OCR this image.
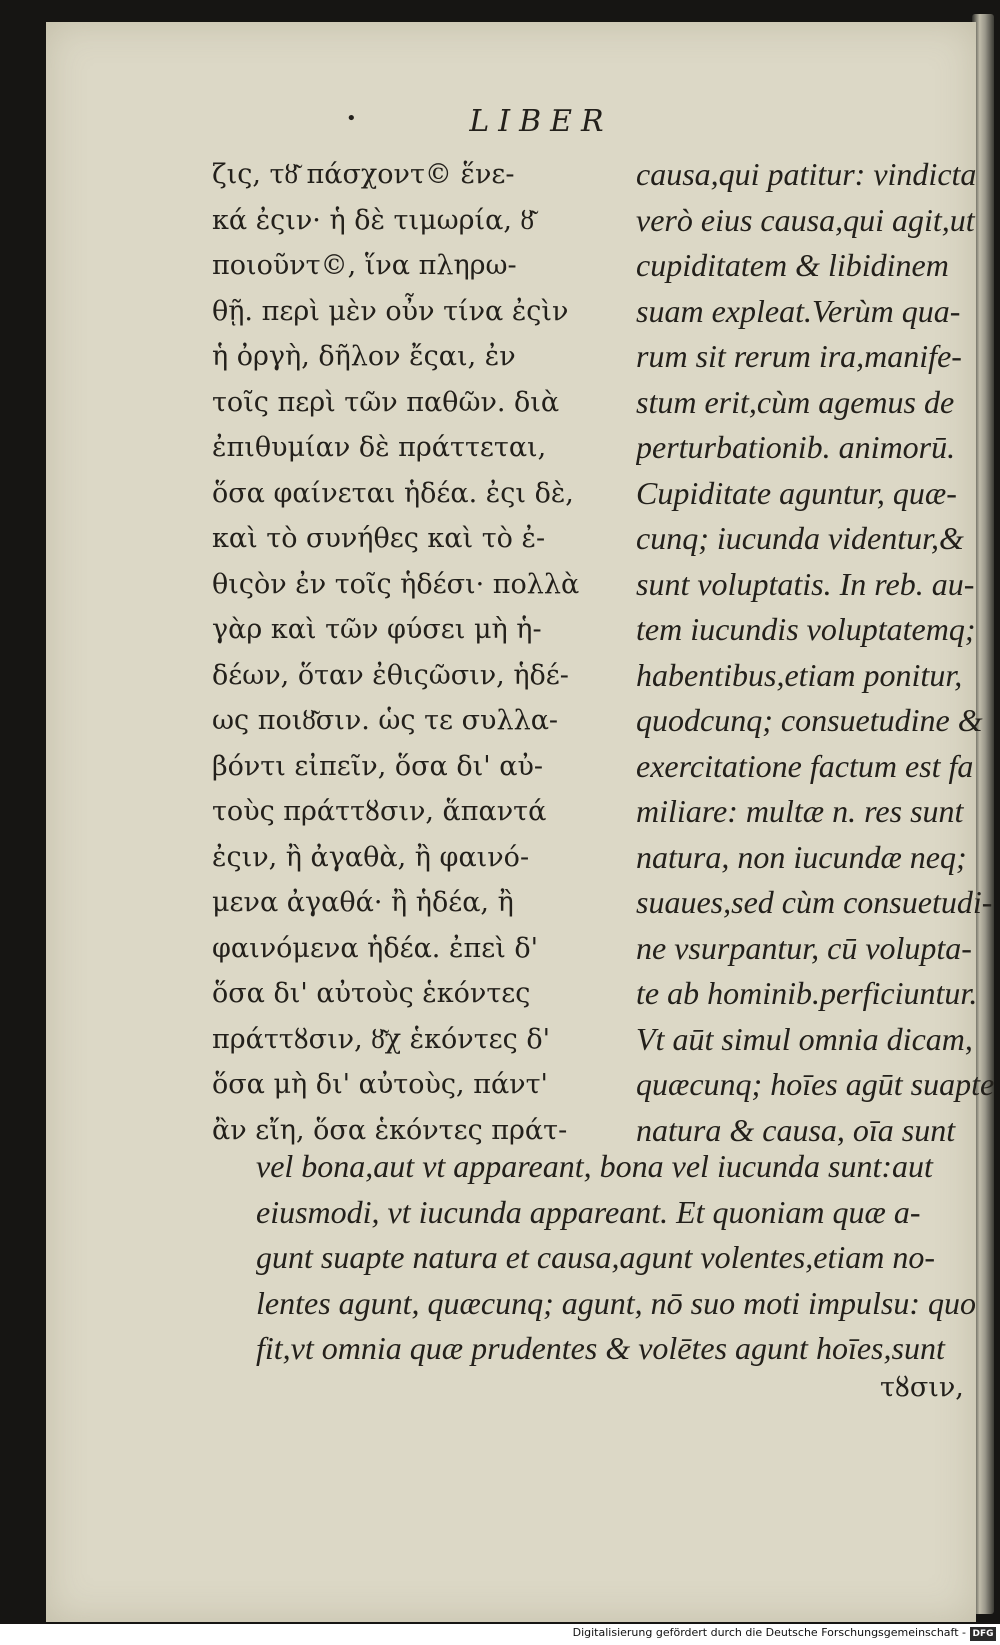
•	LIBER
ζις, τȣ͂ πάσχοντ© ἕνε-
κά ἐςιν· ἡ δὲ τιμωρία, ȣ͂
ποιοῦντ©, ἵνα πληρω-
θῇ. περὶ μὲν οὖν τίνα ἐςὶν
ἡ ὀργὴ, δῆλον ἔςαι, ἐν
τοῖς περὶ τῶν παθῶν. διὰ
ἐπιθυμίαν δὲ πράττεται,
ὅσα φαίνεται ἡδέα. ἐςι δὲ,
καὶ τὸ συνήθες καὶ τὸ ἐ-
θιςὸν ἐν τοῖς ἡδέσι· πολλὰ
γὰρ καὶ τῶν φύσει μὴ ἡ-
δέων, ὅταν ἐθιςῶσιν, ἡδέ-
ως ποιȣ͂σιν. ὡς τε συλλα-
βόντι εἰπεῖν, ὅσα δι' αὐ-
τοὺς πράττȣσιν, ἅπαντά
ἐςιν, ἢ ἀγαθὰ, ἢ φαινό-
μενα ἀγαθά· ἢ ἡδέα, ἢ
φαινόμενα ἡδέα. ἐπεὶ δ'
ὅσα δι' αὐτοὺς ἑκόντες
πράττȣσιν, ȣ͂χ ἑκόντες δ'
ὅσα μὴ δι' αὐτοὺς, πάντ'
ἂν εἴη, ὅσα ἑκόντες πράτ-
causa,qui patitur: vindicta
verò eius causa,qui agit,ut
cupiditatem & libidinem
suam expleat.Verùm qua-
rum sit rerum ira,manife-
stum erit,cùm agemus de
perturbationib. animorū.
Cupiditate aguntur, quæ-
cunq; iucunda videntur,&
sunt voluptatis. In reb. au-
tem iucundis voluptatemq;
habentibus,etiam ponitur,
quodcunq; consuetudine &
exercitatione factum est fa
miliare: multæ n. res sunt
natura, non iucundæ neq;
suaues,sed cùm consuetudi-
ne vsurpantur, cū volupta-
te ab hominib.perficiuntur.
Vt aūt simul omnia dicam,
quæcunq; hoīes agūt suapte
natura & causa, oīa sunt
vel bona,aut vt appareant, bona vel iucunda sunt:aut
eiusmodi, vt iucunda appareant. Et quoniam quæ a-
gunt suapte natura et causa,agunt volentes,etiam no-
lentes agunt, quæcunq; agunt, nō suo moti impulsu: quo
fit,vt omnia quæ prudentes & volētes agunt hoīes,sunt
τȣσιν,
Digitalisierung gefördert durch die Deutsche Forschungsgemeinschaft - DFG
